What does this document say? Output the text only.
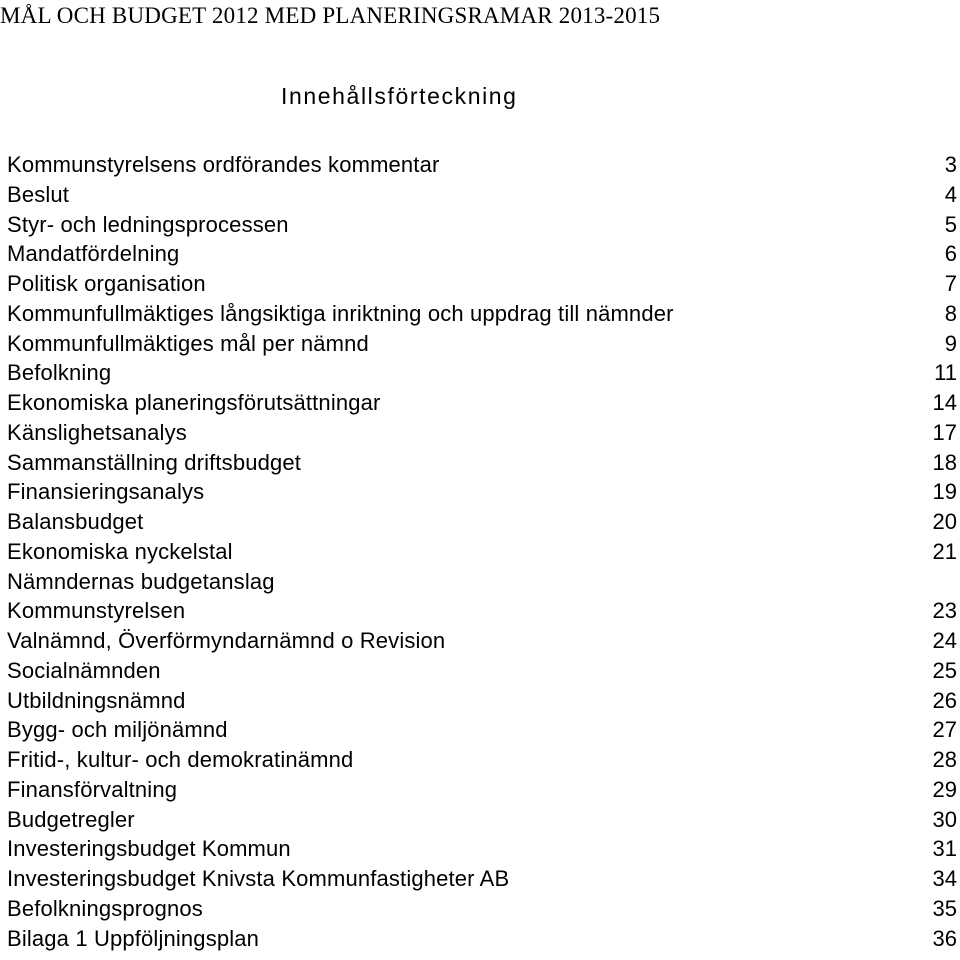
MÅL OCH BUDGET 2012 MED PLANERINGSRAMAR 2013-2015
Innehållsförteckning
Kommunstyrelsens ordförandes kommentar	3
Beslut	4
Styr- och ledningsprocessen	5
Mandatfördelning	6
Politisk organisation	7
Kommunfullmäktiges långsiktiga inriktning och uppdrag till nämnder	8
Kommunfullmäktiges mål per nämnd	9
Befolkning	11
Ekonomiska planeringsförutsättningar	14
Känslighetsanalys	17
Sammanställning driftsbudget	18
Finansieringsanalys	19
Balansbudget	20
Ekonomiska nyckelstal	21
Nämndernas budgetanslag
Kommunstyrelsen	23
Valnämnd, Överförmyndarnämnd o Revision	24
Socialnämnden	25
Utbildningsnämnd	26
Bygg- och miljönämnd	27
Fritid-, kultur- och demokratinämnd	28
Finansförvaltning	29
Budgetregler	30
Investeringsbudget Kommun	31
Investeringsbudget Knivsta Kommunfastigheter AB	34
Befolkningsprognos	35
Bilaga 1 Uppföljningsplan	36
